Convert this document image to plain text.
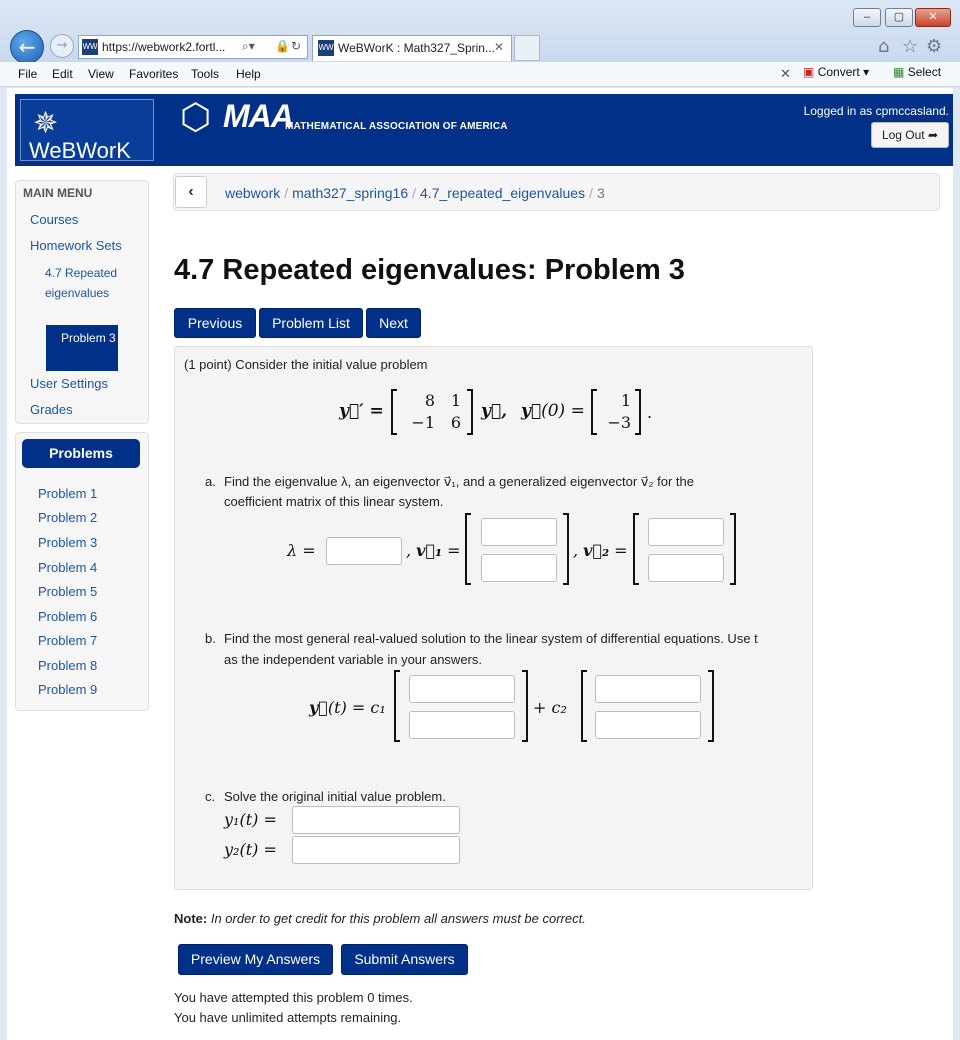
‒	▢	✕
←	→	WW https://webwork2.fortl... ⌕▾ 🔒 ↻ WW WeBWorK : Math327_Sprin... ✕	⌂ ☆ ⚙
File Edit View Favorites Tools Help	✕ ▣ Convert ▾ ▦ Select
✵
WeBWorK
⬡ MAA
MATHEMATICAL ASSOCIATION OF AMERICA
Logged in as cpmccasland.
Log Out ➦
MAIN MENU
Courses
Homework Sets
4.7 Repeated eigenvalues
Problem 3
User Settings
Grades
Problems
Problem 1
Problem 2
Problem 3
Problem 4
Problem 5
Problem 6
Problem 7
Problem 8
Problem 9
‹	webwork / math327_spring16 / 4.7_repeated_eigenvalues / 3
4.7 Repeated eigenvalues: Problem 3
Previous	Problem List	Next
(1 point) Consider the initial value problem
y⃗′ =
8 1
−1 6
y⃗, y⃗(0) =
1
−3
.
a. Find the eigenvalue λ, an eigenvector v⃗₁, and a generalized eigenvector v⃗₂ for the
coefficient matrix of this linear system.
λ =	, v⃗₁ =	, v⃗₂ =
b. Find the most general real-valued solution to the linear system of differential equations. Use t
as the independent variable in your answers.
y⃗(t) = c₁	+ c₂
c. Solve the original initial value problem.
y₁(t) =
y₂(t) =
Note: In order to get credit for this problem all answers must be correct.
Preview My Answers	Submit Answers
You have attempted this problem 0 times.
You have unlimited attempts remaining.
